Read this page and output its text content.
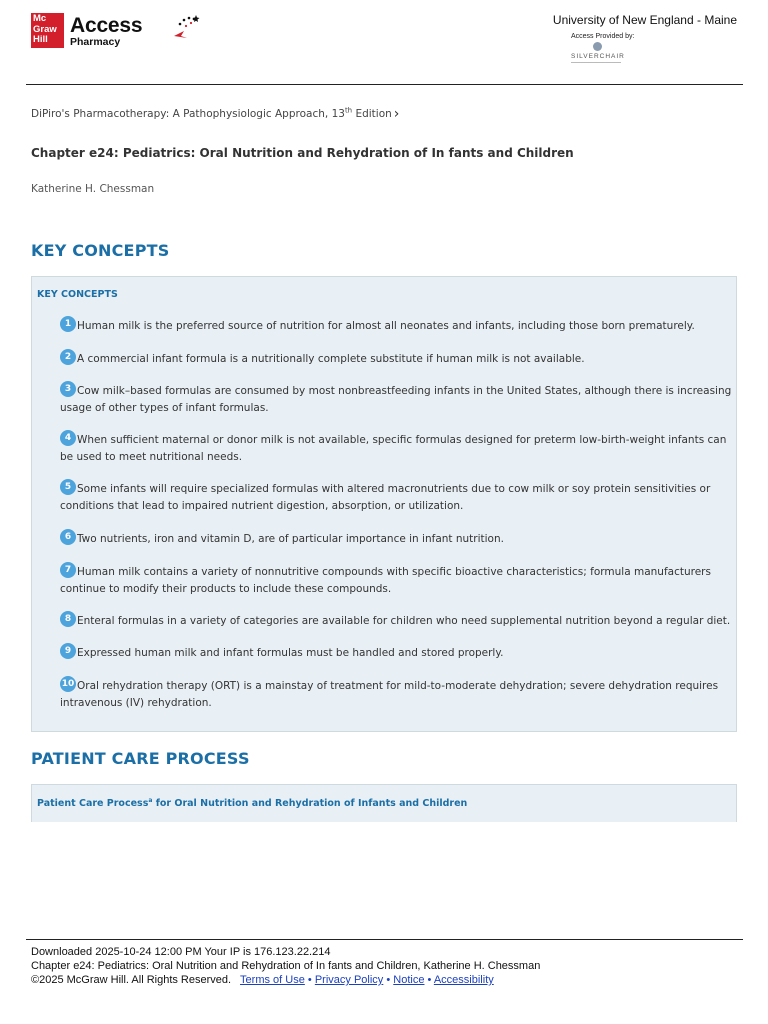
Mc
Graw
Hill
Access
Pharmacy
University of New England - Maine
Access Provided by:
SILVERCHAIR
DiPiro's Pharmacotherapy: A Pathophysiologic Approach, 13th Edition ›
Chapter e24: Pediatrics: Oral Nutrition and Rehydration of In fants and Children
Katherine H. Chessman
KEY CONCEPTS
KEY CONCEPTS
1 Human milk is the preferred source of nutrition for almost all neonates and infants, including those born prematurely.
2 A commercial infant formula is a nutritionally complete substitute if human milk is not available.
3 Cow milk–based formulas are consumed by most nonbreastfeeding infants in the United States, although there is increasing usage of other types of infant formulas.
4 When sufficient maternal or donor milk is not available, specific formulas designed for preterm low-birth-weight infants can be used to meet nutritional needs.
5 Some infants will require specialized formulas with altered macronutrients due to cow milk or soy protein sensitivities or conditions that lead to impaired nutrient digestion, absorption, or utilization.
6 Two nutrients, iron and vitamin D, are of particular importance in infant nutrition.
7 Human milk contains a variety of nonnutritive compounds with specific bioactive characteristics; formula manufacturers continue to modify their products to include these compounds.
8 Enteral formulas in a variety of categories are available for children who need supplemental nutrition beyond a regular diet.
9 Expressed human milk and infant formulas must be handled and stored properly.
10 Oral rehydration therapy (ORT) is a mainstay of treatment for mild-to-moderate dehydration; severe dehydration requires intravenous (IV) rehydration.
PATIENT CARE PROCESS
Patient Care Process$^a$ for Oral Nutrition and Rehydration of Infants and Children
Downloaded 2025-10-24 12:00 PM Your IP is 176.123.22.214
Chapter e24: Pediatrics: Oral Nutrition and Rehydration of In fants and Children, Katherine H. Chessman
©2025 McGraw Hill. All Rights Reserved. Terms of Use • Privacy Policy • Notice • Accessibility
